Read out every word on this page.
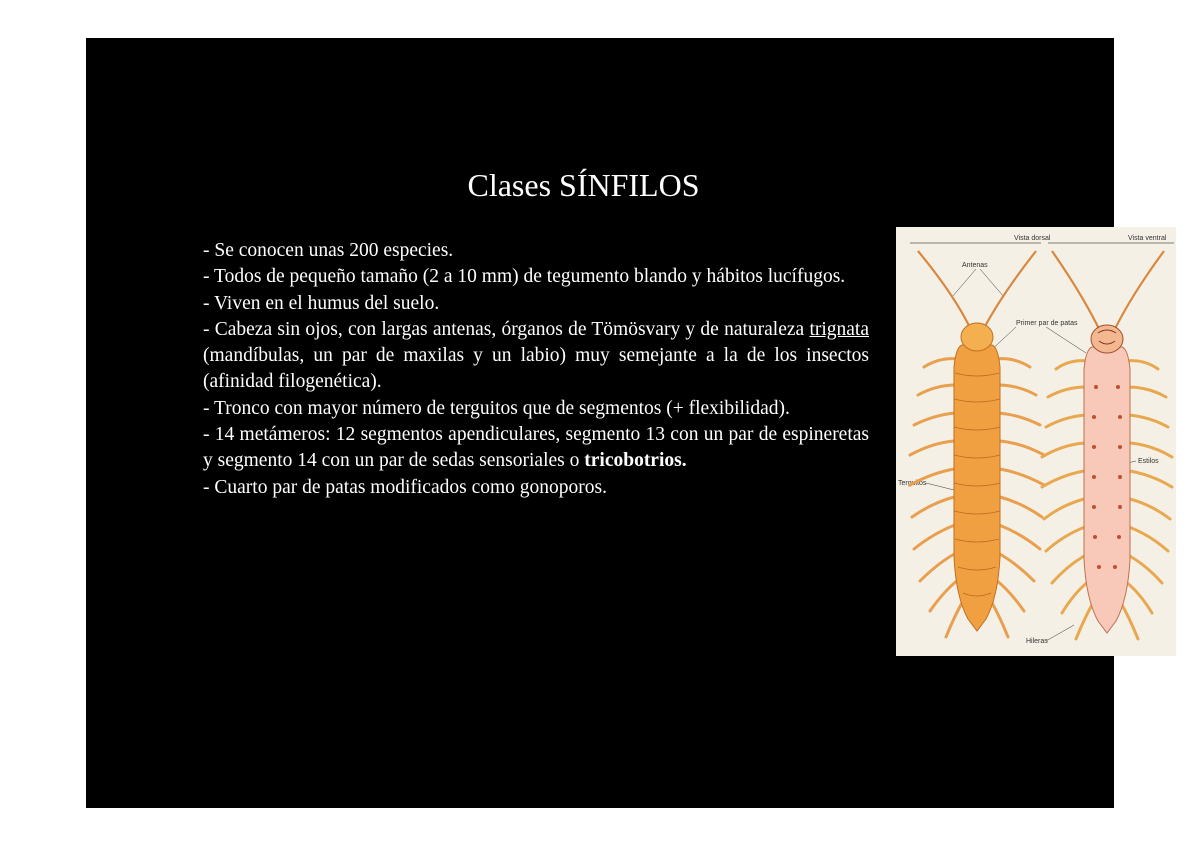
Clases SÍNFILOS

- Se conocen unas 200 especies.

- Todos de pequeño tamaño (2 a 10 mm) de tegumento blando y hábitos lucífugos.

- Viven en el humus del suelo.

- Cabeza sin ojos, con largas antenas, órganos de Tömösvary y de naturaleza trignata (mandíbulas, un par de maxilas y un labio) muy semejante a la de los insectos (afinidad filogenética).

- Tronco con mayor número de terguitos que de segmentos (+ flexibilidad).

- 14 metámeros: 12 segmentos apendiculares, segmento 13 con un par de espineretas y segmento 14 con un par de sedas sensoriales o tricobotrios.

- Cuarto par de patas modificados como gonoporos.

Vista dorsal	Vista ventral
Antenas
Primer par de patas
Terguitos
Estilos
Hileras
